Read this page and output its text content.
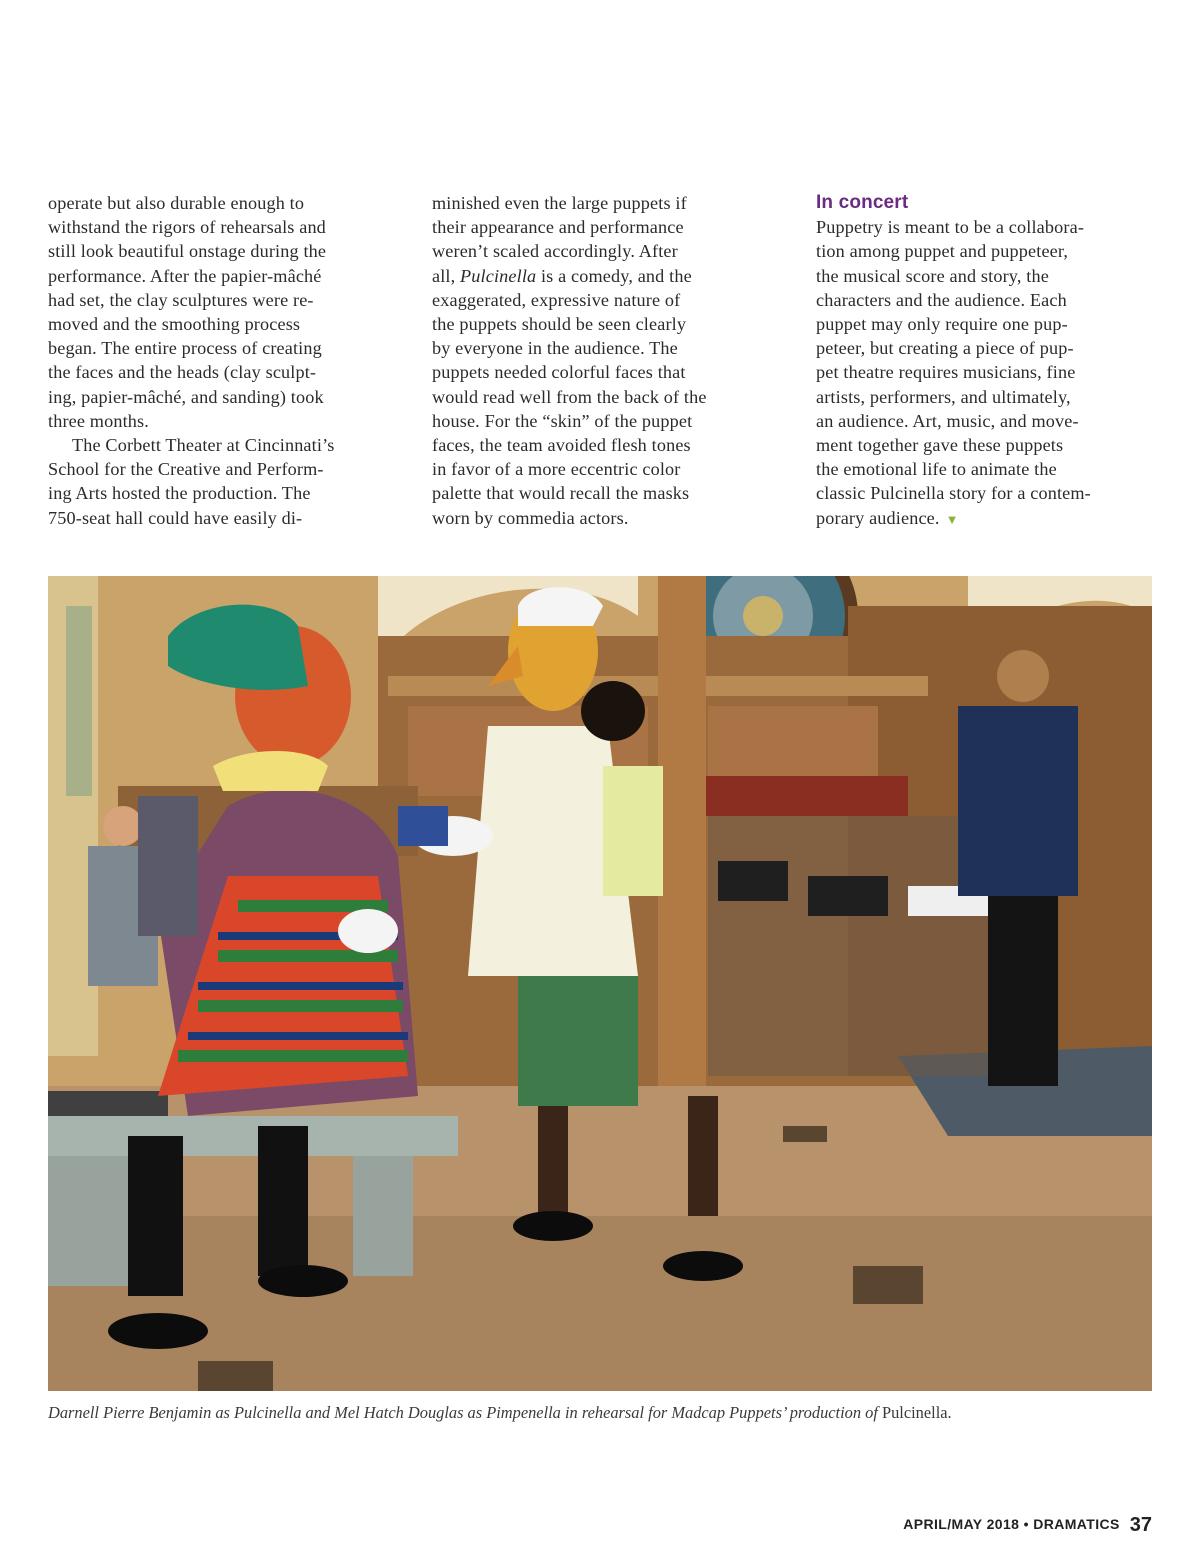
operate but also durable enough to
withstand the rigors of rehearsals and
still look beautiful onstage during the
performance. After the papier-mâché
had set, the clay sculptures were re-
moved and the smoothing process
began. The entire process of creating
the faces and the heads (clay sculpt-
ing, papier-mâché, and sanding) took
three months.

The Corbett Theater at Cincinnati’s
School for the Creative and Perform-
ing Arts hosted the production. The
750-seat hall could have easily di-

minished even the large puppets if
their appearance and performance
weren’t scaled accordingly. After
all, Pulcinella is a comedy, and the
exaggerated, expressive nature of
the puppets should be seen clearly
by everyone in the audience. The
puppets needed colorful faces that
would read well from the back of the
house. For the “skin” of the puppet
faces, the team avoided flesh tones
in favor of a more eccentric color
palette that would recall the masks
worn by commedia actors.

In concert

Puppetry is meant to be a collabora-
tion among puppet and puppeteer,
the musical score and story, the
characters and the audience. Each
puppet may only require one pup-
peteer, but creating a piece of pup-
pet theatre requires musicians, fine
artists, performers, and ultimately,
an audience. Art, music, and move-
ment together gave these puppets
the emotional life to animate the
classic Pulcinella story for a contem-
porary audience. ▼

Darnell Pierre Benjamin as Pulcinella and Mel Hatch Douglas as Pimpenella in rehearsal for Madcap Puppets’ production of Pulcinella.
APRIL/MAY 2018 • DRAMATICS 37
